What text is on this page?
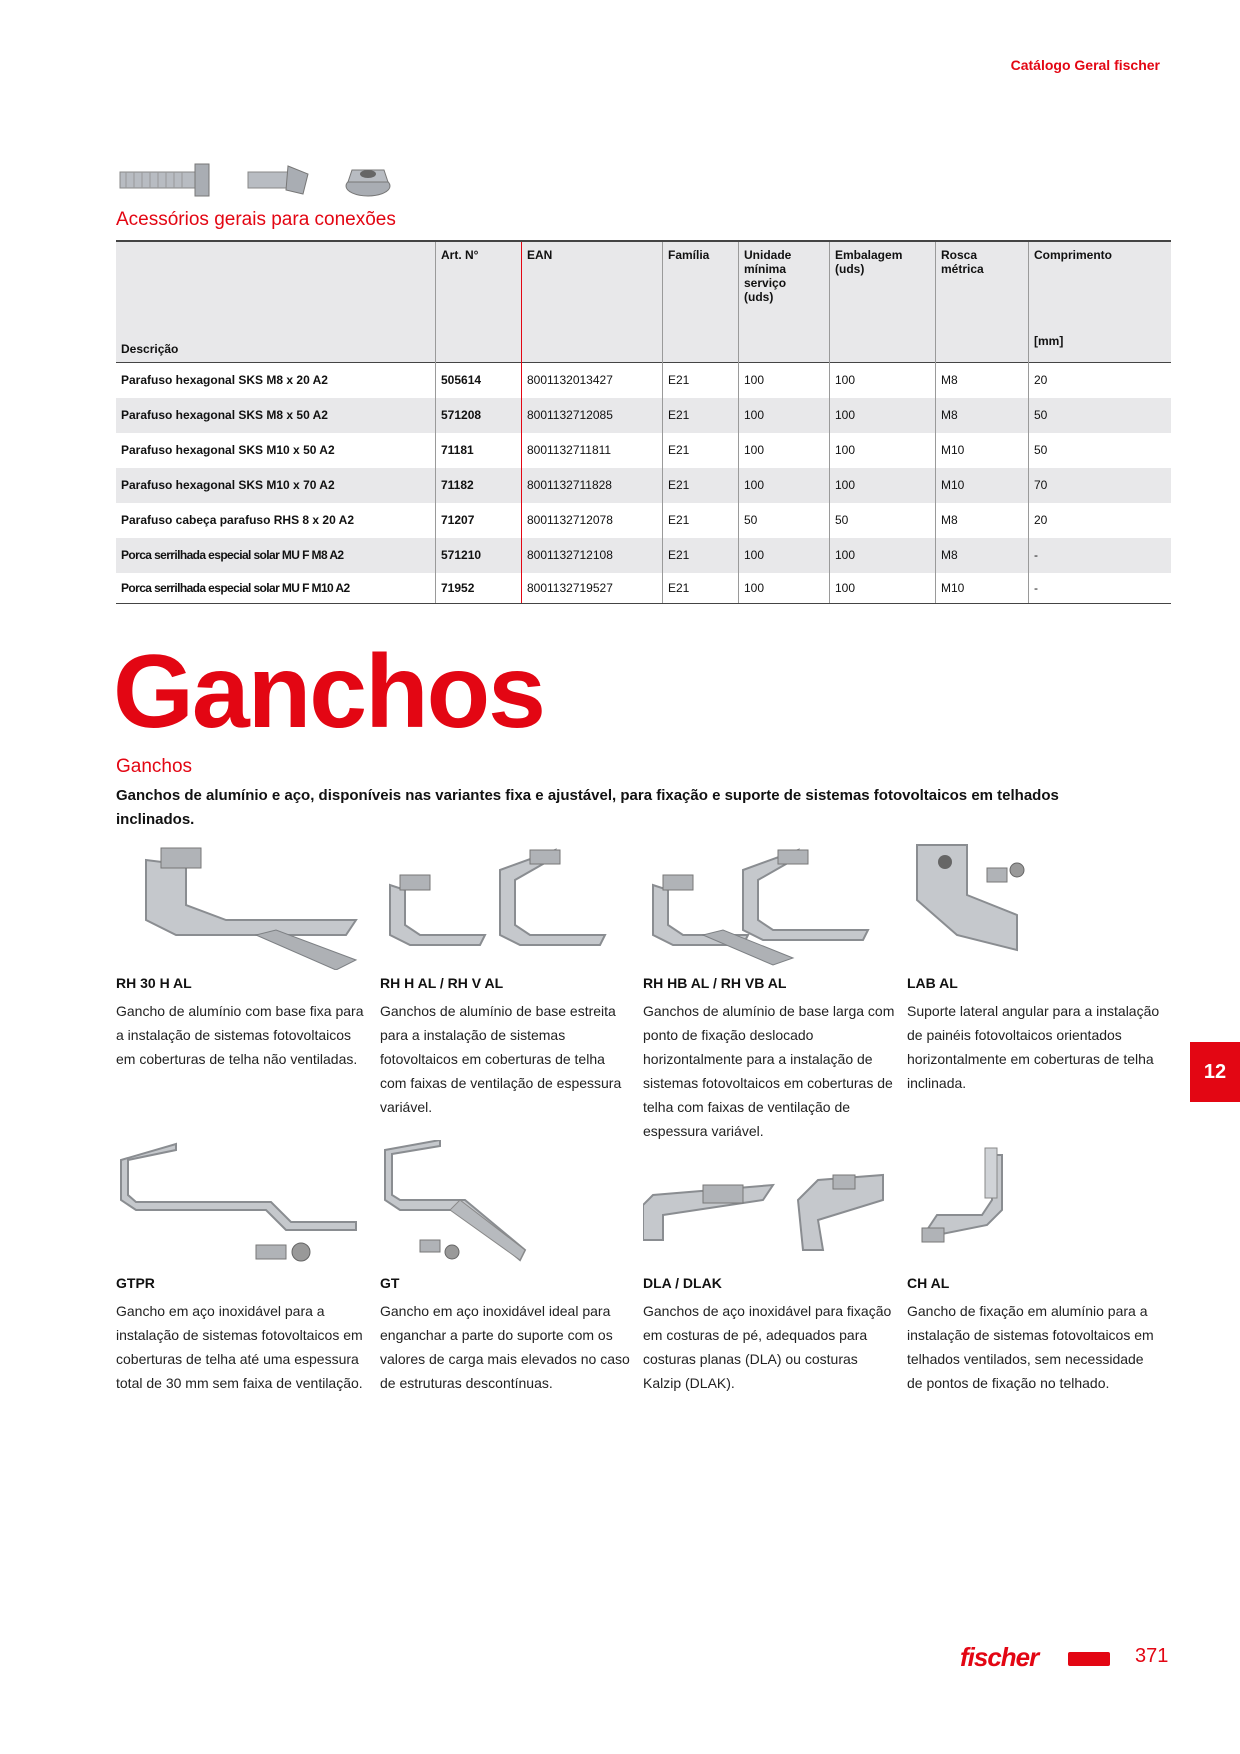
Catálogo Geral fischer
Acessórios gerais para conexões
Descrição	Art. N°	EAN	Família	Unidade mínima serviço (uds)	Embalagem (uds)	Rosca métrica	Comprimento
[mm]

Parafuso hexagonal SKS M8 x 20 A2	505614	8001132013427	E21	100	100	M8	20
Parafuso hexagonal SKS M8 x 50 A2	571208	8001132712085	E21	100	100	M8	50
Parafuso hexagonal SKS M10 x 50 A2	71181	8001132711811	E21	100	100	M10	50
Parafuso hexagonal SKS M10 x 70 A2	71182	8001132711828	E21	100	100	M10	70
Parafuso cabeça parafuso RHS 8 x 20 A2	71207	8001132712078	E21	50	50	M8	20
Porca serrilhada especial solar MU F M8 A2	571210	8001132712108	E21	100	100	M8	-
Porca serrilhada especial solar MU F M10 A2	71952	8001132719527	E21	100	100	M10	-
Ganchos
Ganchos
Ganchos de alumínio e aço, disponíveis nas variantes fixa e ajustável, para fixação e suporte de sistemas fotovoltaicos em telhados inclinados.
RH 30 H AL
Gancho de alumínio com base fixa para a instalação de sistemas fotovoltaicos em coberturas de telha não ventiladas.
RH H AL / RH V AL
Ganchos de alumínio de base estreita para a instalação de sistemas fotovoltaicos em coberturas de telha com faixas de ventilação de espessura variável.
RH HB AL / RH VB AL
Ganchos de alumínio de base larga com ponto de fixação deslocado horizontalmente para a instalação de sistemas fotovoltaicos em coberturas de telha com faixas de ventilação de espessura variável.
LAB AL
Suporte lateral angular para a instalação de painéis fotovoltaicos orientados horizontalmente em coberturas de telha inclinada.
GTPR
Gancho em aço inoxidável para a instalação de sistemas fotovoltaicos em coberturas de telha até uma espessura total de 30 mm sem faixa de ventilação.
GT
Gancho em aço inoxidável ideal para enganchar a parte do suporte com os valores de carga mais elevados no caso de estruturas descontínuas.
DLA / DLAK
Ganchos de aço inoxidável para fixação em costuras de pé, adequados para costuras planas (DLA) ou costuras Kalzip (DLAK).
CH AL
Gancho de fixação em alumínio para a instalação de sistemas fotovoltaicos em telhados ventilados, sem necessidade de pontos de fixação no telhado.
12
fischer	371
